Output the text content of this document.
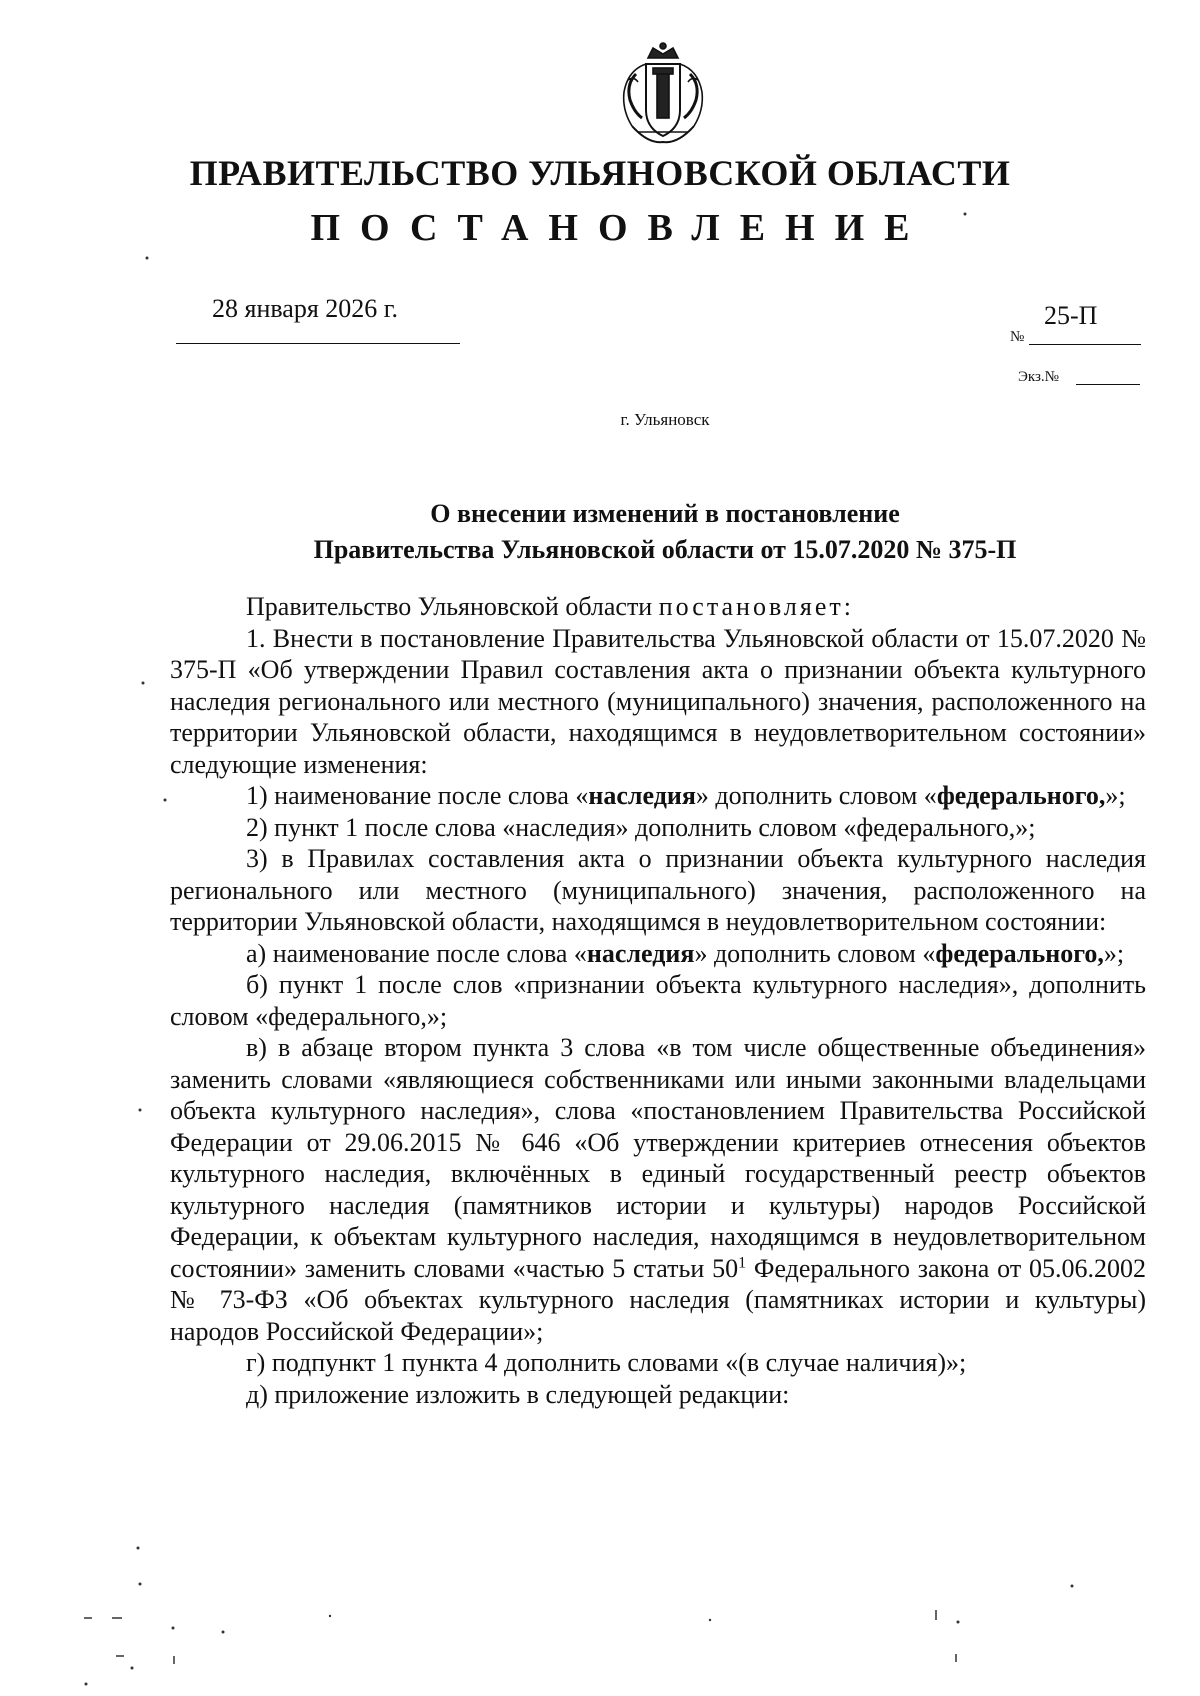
ПРАВИТЕЛЬСТВО УЛЬЯНОВСКОЙ ОБЛАСТИ
ПОСТАНОВЛЕНИЕ
28 января 2026 г.	25-П
№
Экз.№
г. Ульяновск
О внесении изменений в постановление
Правительства Ульяновской области от 15.07.2020 № 375-П

Правительство Ульяновской области постановляет:

1. Внести в постановление Правительства Ульяновской области от 15.07.2020 № 375-П «Об утверждении Правил составления акта о признании объекта культурного наследия регионального или местного (муниципального) значения, расположенного на территории Ульяновской области, находящимся в неудовлетворительном состоянии» следующие изменения:

1) наименование после слова «наследия» дополнить словом «федерального,»;

2) пункт 1 после слова «наследия» дополнить словом «федерального,»;

3) в Правилах составления акта о признании объекта культурного наследия регионального или местного (муниципального) значения, расположенного на территории Ульяновской области, находящимся в неудовлетворительном состоянии:

а) наименование после слова «наследия» дополнить словом «федерального,»;

б) пункт 1 после слов «признании объекта культурного наследия», дополнить словом «федерального,»;

в) в абзаце втором пункта 3 слова «в том числе общественные объединения» заменить словами «являющиеся собственниками или иными законными владельцами объекта культурного наследия», слова «постановлением Правительства Российской Федерации от 29.06.2015 № 646 «Об утверждении критериев отнесения объектов культурного наследия, включённых в единый государственный реестр объектов культурного наследия (памятников истории и культуры) народов Российской Федерации, к объектам культурного наследия, находящимся в неудовлетворительном состоянии» заменить словами «частью 5 статьи $50^1$ Федерального закона от 05.06.2002 № 73-ФЗ «Об объектах культурного наследия (памятниках истории и культуры) народов Российской Федерации»;

г) подпункт 1 пункта 4 дополнить словами «(в случае наличия)»;

д) приложение изложить в следующей редакции:
